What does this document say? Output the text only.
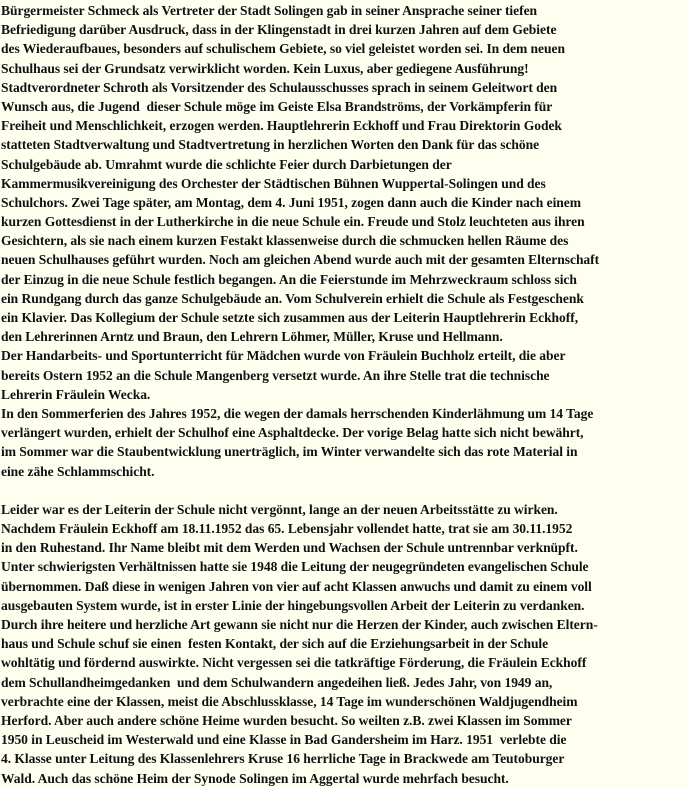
Bürgermeister Schmeck als Vertreter der Stadt Solingen gab in seiner Ansprache seiner tiefen
Befriedigung darüber Ausdruck, dass in der Klingenstadt in drei kurzen Jahren auf dem Gebiete
des Wiederaufbaues, besonders auf schulischem Gebiete, so viel geleistet worden sei. In dem neuen
Schulhaus sei der Grundsatz verwirklicht worden. Kein Luxus, aber gediegene Ausführung!
Stadtverordneter Schroth als Vorsitzender des Schulausschusses sprach in seinem Geleitwort den
Wunsch aus, die Jugend  dieser Schule möge im Geiste Elsa Brandströms, der Vorkämpferin für
Freiheit und Menschlichkeit, erzogen werden. Hauptlehrerin Eckhoff und Frau Direktorin Godek
statteten Stadtverwaltung und Stadtvertretung in herzlichen Worten den Dank für das schöne
Schulgebäude ab. Umrahmt wurde die schlichte Feier durch Darbietungen der
Kammermusikvereinigung des Orchester der Städtischen Bühnen Wuppertal-Solingen und des
Schulchors. Zwei Tage später, am Montag, dem 4. Juni 1951, zogen dann auch die Kinder nach einem
kurzen Gottesdienst in der Lutherkirche in die neue Schule ein. Freude und Stolz leuchteten aus ihren
Gesichtern, als sie nach einem kurzen Festakt klassenweise durch die schmucken hellen Räume des
neuen Schulhauses geführt wurden. Noch am gleichen Abend wurde auch mit der gesamten Elternschaft
der Einzug in die neue Schule festlich begangen. An die Feierstunde im Mehrzweckraum schloss sich
ein Rundgang durch das ganze Schulgebäude an. Vom Schulverein erhielt die Schule als Festgeschenk
ein Klavier. Das Kollegium der Schule setzte sich zusammen aus der Leiterin Hauptlehrerin Eckhoff,
den Lehrerinnen Arntz und Braun, den Lehrern Löhmer, Müller, Kruse und Hellmann.
Der Handarbeits- und Sportunterricht für Mädchen wurde von Fräulein Buchholz erteilt, die aber
bereits Ostern 1952 an die Schule Mangenberg versetzt wurde. An ihre Stelle trat die technische
Lehrerin Fräulein Wecka.
In den Sommerferien des Jahres 1952, die wegen der damals herrschenden Kinderlähmung um 14 Tage
verlängert wurden, erhielt der Schulhof eine Asphaltdecke. Der vorige Belag hatte sich nicht bewährt,
im Sommer war die Staubentwicklung unerträglich, im Winter verwandelte sich das rote Material in
eine zähe Schlammschicht.
Leider war es der Leiterin der Schule nicht vergönnt, lange an der neuen Arbeitsstätte zu wirken.
Nachdem Fräulein Eckhoff am 18.11.1952 das 65. Lebensjahr vollendet hatte, trat sie am 30.11.1952
in den Ruhestand. Ihr Name bleibt mit dem Werden und Wachsen der Schule untrennbar verknüpft.
Unter schwierigsten Verhältnissen hatte sie 1948 die Leitung der neugegründeten evangelischen Schule
übernommen. Daß diese in wenigen Jahren von vier auf acht Klassen anwuchs und damit zu einem voll
ausgebauten System wurde, ist in erster Linie der hingebungsvollen Arbeit der Leiterin zu verdanken.
Durch ihre heitere und herzliche Art gewann sie nicht nur die Herzen der Kinder, auch zwischen Eltern-
haus und Schule schuf sie einen  festen Kontakt, der sich auf die Erziehungsarbeit in der Schule
wohltätig und fördernd auswirkte. Nicht vergessen sei die tatkräftige Förderung, die Fräulein Eckhoff
dem Schullandheimgedanken  und dem Schulwandern angedeihen ließ. Jedes Jahr, von 1949 an,
verbrachte eine der Klassen, meist die Abschlussklasse, 14 Tage im wunderschönen Waldjugendheim
Herford. Aber auch andere schöne Heime wurden besucht. So weilten z.B. zwei Klassen im Sommer
1950 in Leuscheid im Westerwald und eine Klasse in Bad Gandersheim im Harz. 1951  verlebte die
4. Klasse unter Leitung des Klassenlehrers Kruse 16 herrliche Tage in Brackwede am Teutoburger
Wald. Auch das schöne Heim der Synode Solingen im Aggertal wurde mehrfach besucht.
